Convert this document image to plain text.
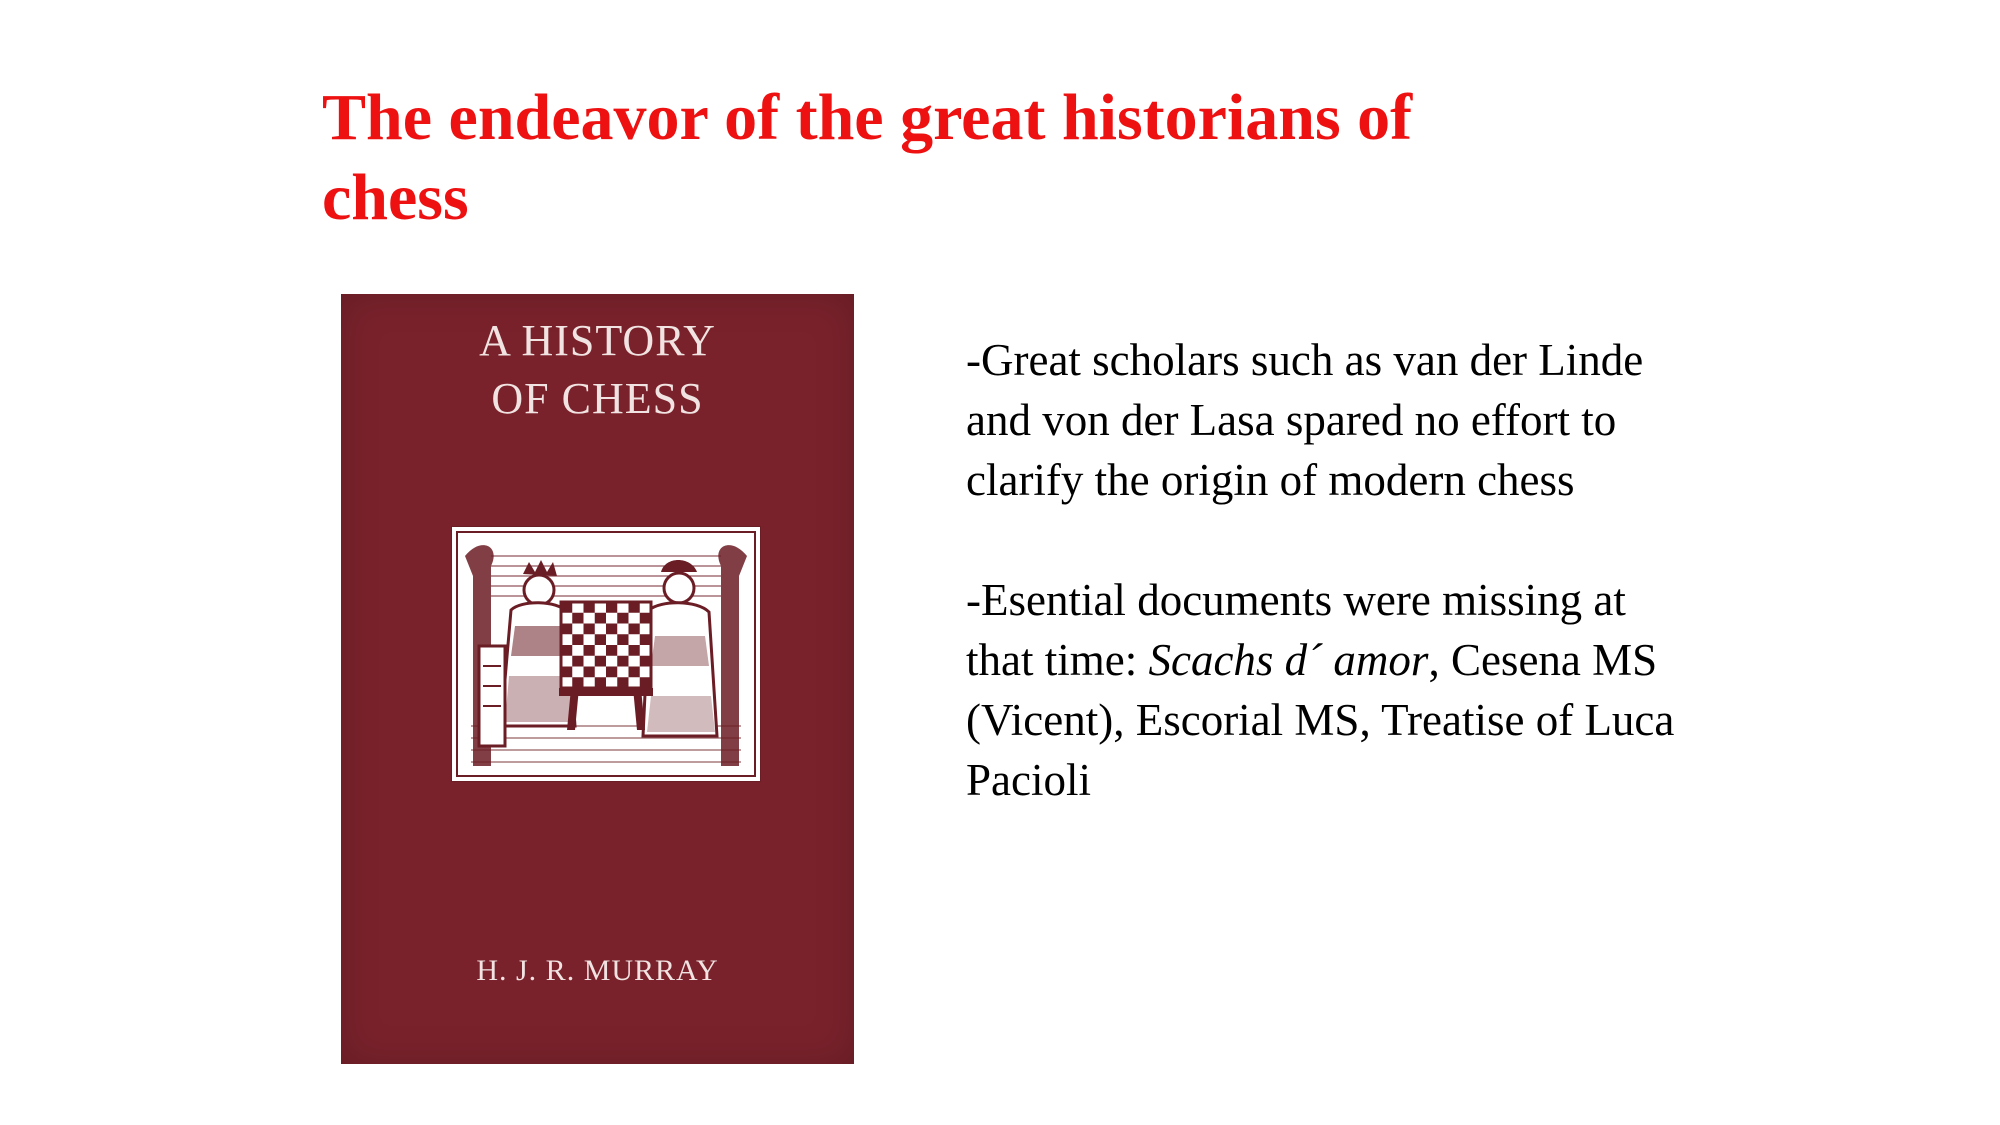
The endeavor of the great historians of chess
A HISTORY
OF CHESS
H. J. R. MURRAY

-Great scholars such as van der Linde and von der Lasa spared no effort to clarify the origin of modern chess

-Esential documents were missing at that time: Scachs d´ amor, Cesena MS (Vicent), Escorial MS, Treatise of Luca Pacioli
